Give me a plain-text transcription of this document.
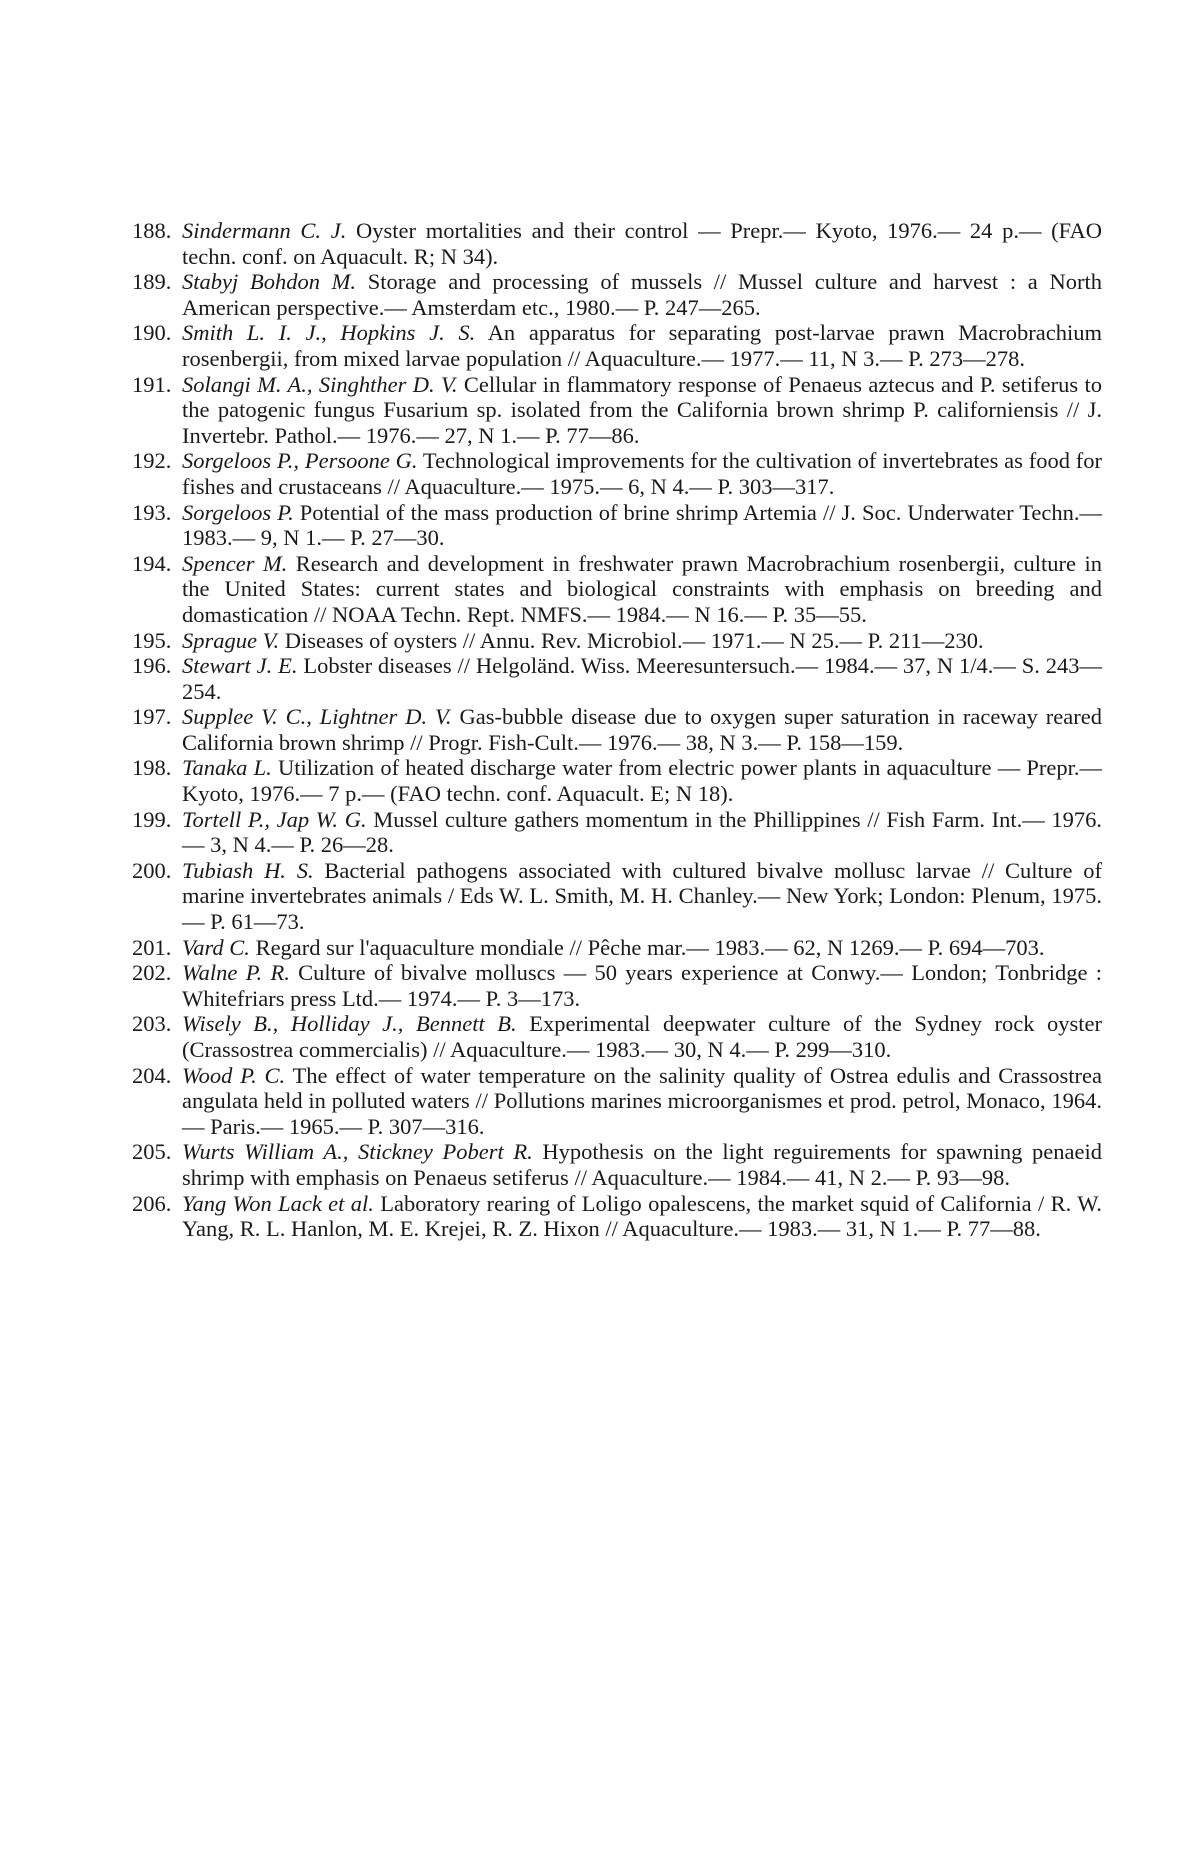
188. Sindermann C. J. Oyster mortalities and their control — Prepr.— Kyoto, 1976.— 24 p.— (FAO techn. conf. on Aquacult. R; N 34).
189. Stabyj Bohdon M. Storage and processing of mussels // Mussel culture and harvest : a North American perspective.— Amsterdam etc., 1980.— P. 247—265.
190. Smith L. I. J., Hopkins J. S. An apparatus for separating post-larvae prawn Macrobrachium rosenbergii, from mixed larvae population // Aquaculture.— 1977.— 11, N 3.— P. 273—278.
191. Solangi M. A., Singhther D. V. Cellular in flammatory response of Penaeus aztecus and P. setiferus to the patogenic fungus Fusarium sp. isolated from the California brown shrimp P. californiensis // J. Invertebr. Pathol.— 1976.— 27, N 1.— P. 77—86.
192. Sorgeloos P., Persoone G. Technological improvements for the cultivation of invertebrates as food for fishes and crustaceans // Aquaculture.— 1975.— 6, N 4.— P. 303—317.
193. Sorgeloos P. Potential of the mass production of brine shrimp Artemia // J. Soc. Underwater Techn.— 1983.— 9, N 1.— P. 27—30.
194. Spencer M. Research and development in freshwater prawn Macrobrachium rosenbergii, culture in the United States: current states and biological constraints with emphasis on breeding and domastication // NOAA Techn. Rept. NMFS.— 1984.— N 16.— P. 35—55.
195. Sprague V. Diseases of oysters // Annu. Rev. Microbiol.— 1971.— N 25.— P. 211—230.
196. Stewart J. E. Lobster diseases // Helgoländ. Wiss. Meeresuntersuch.— 1984.— 37, N 1/4.— S. 243—254.
197. Supplee V. C., Lightner D. V. Gas-bubble disease due to oxygen super saturation in raceway reared California brown shrimp // Progr. Fish-Cult.— 1976.— 38, N 3.— P. 158—159.
198. Tanaka L. Utilization of heated discharge water from electric power plants in aquaculture — Prepr.— Kyoto, 1976.— 7 p.— (FAO techn. conf. Aquacult. E; N 18).
199. Tortell P., Jap W. G. Mussel culture gathers momentum in the Phillippines // Fish Farm. Int.— 1976.— 3, N 4.— P. 26—28.
200. Tubiash H. S. Bacterial pathogens associated with cultured bivalve mollusc larvae // Culture of marine invertebrates animals / Eds W. L. Smith, M. H. Chanley.— New York; London: Plenum, 1975.— P. 61—73.
201. Vard C. Regard sur l'aquaculture mondiale // Pêche mar.— 1983.— 62, N 1269.— P. 694—703.
202. Walne P. R. Culture of bivalve molluscs — 50 years experience at Conwy.— London; Tonbridge : Whitefriars press Ltd.— 1974.— P. 3—173.
203. Wisely B., Holliday J., Bennett B. Experimental deepwater culture of the Sydney rock oyster (Crassostrea commercialis) // Aquaculture.— 1983.— 30, N 4.— P. 299—310.
204. Wood P. C. The effect of water temperature on the salinity quality of Ostrea edulis and Crassostrea angulata held in polluted waters // Pollutions marines microorganismes et prod. petrol, Monaco, 1964.— Paris.— 1965.— P. 307—316.
205. Wurts William A., Stickney Pobert R. Hypothesis on the light reguirements for spawning penaeid shrimp with emphasis on Penaeus setiferus // Aquaculture.— 1984.— 41, N 2.— P. 93—98.
206. Yang Won Lack et al. Laboratory rearing of Loligo opalescens, the market squid of California / R. W. Yang, R. L. Hanlon, M. E. Krejei, R. Z. Hixon // Aquaculture.— 1983.— 31, N 1.— P. 77—88.
